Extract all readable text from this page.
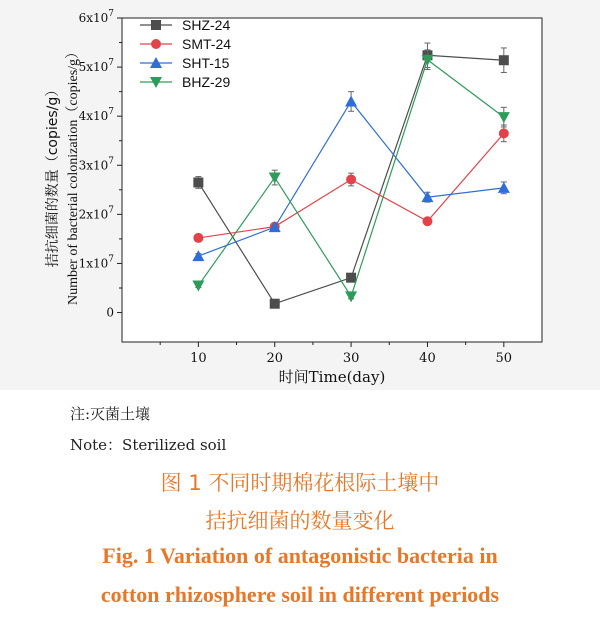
10	20	30	40	50
0
$1x10^7$
$2x10^7$
$3x10^7$
$4x10^7$
$5x10^7$
$6x10^7$
SHZ-24
SMT-24
SHT-15
BHZ-29
时间Time(day)
拮抗细菌的数量（copies/g） Number of bacterial colonization（copies/g）
注:灭菌土壤
Note：Sterilized soil
图 1 不同时期棉花根际土壤中
拮抗细菌的数量变化
Fig. 1 Variation of antagonistic bacteria in
cotton rhizosphere soil in different periods
